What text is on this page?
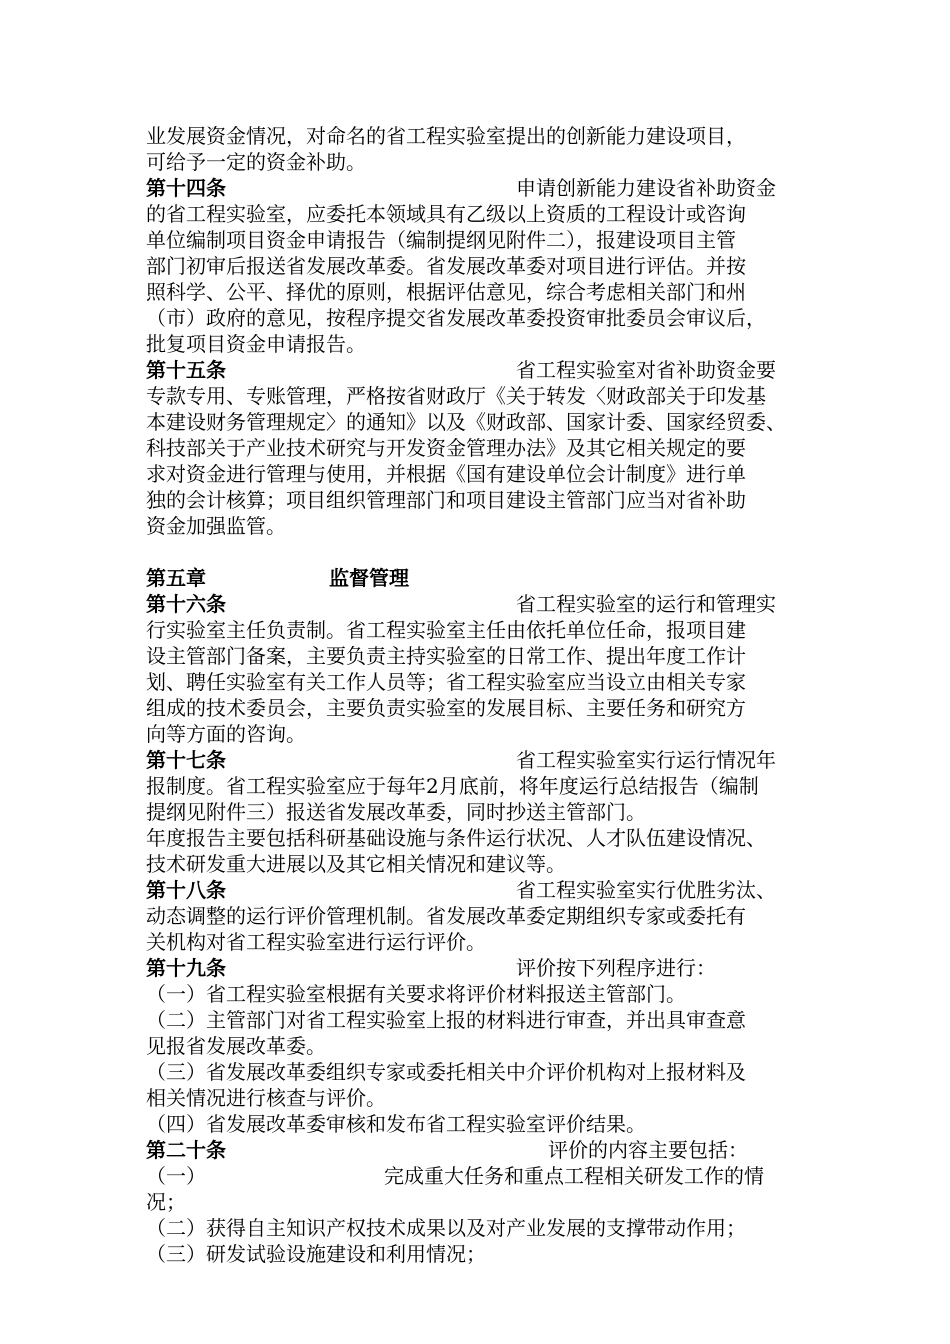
业发展资金情况，对命名的省工程实验室提出的创新能力建设项目，
可给予一定的资金补助。
第十四条	申请创新能力建设省补助资金
的省工程实验室，应委托本领域具有乙级以上资质的工程设计或咨询
单位编制项目资金申请报告（编制提纲见附件二），报建设项目主管
部门初审后报送省发展改革委。省发展改革委对项目进行评估。并按
照科学、公平、择优的原则，根据评估意见，综合考虑相关部门和州
（市）政府的意见，按程序提交省发展改革委投资审批委员会审议后，
批复项目资金申请报告。
第十五条	省工程实验室对省补助资金要
专款专用、专账管理，严格按省财政厅《关于转发〈财政部关于印发基
本建设财务管理规定〉的通知》以及《财政部、国家计委、国家经贸委、
科技部关于产业技术研究与开发资金管理办法》及其它相关规定的要
求对资金进行管理与使用，并根据《国有建设单位会计制度》进行单
独的会计核算；项目组织管理部门和项目建设主管部门应当对省补助
资金加强监管。
第五章	监督管理
第十六条	省工程实验室的运行和管理实
行实验室主任负责制。省工程实验室主任由依托单位任命，报项目建
设主管部门备案，主要负责主持实验室的日常工作、提出年度工作计
划、聘任实验室有关工作人员等；省工程实验室应当设立由相关专家
组成的技术委员会，主要负责实验室的发展目标、主要任务和研究方
向等方面的咨询。
第十七条	省工程实验室实行运行情况年
报制度。省工程实验室应于每年2月底前，将年度运行总结报告（编制
提纲见附件三）报送省发展改革委，同时抄送主管部门。
年度报告主要包括科研基础设施与条件运行状况、人才队伍建设情况、
技术研发重大进展以及其它相关情况和建议等。
第十八条	省工程实验室实行优胜劣汰、
动态调整的运行评价管理机制。省发展改革委定期组织专家或委托有
关机构对省工程实验室进行运行评价。
第十九条	评价按下列程序进行：
（一）省工程实验室根据有关要求将评价材料报送主管部门。
（二）主管部门对省工程实验室上报的材料进行审查，并出具审查意
见报省发展改革委。
（三）省发展改革委组织专家或委托相关中介评价机构对上报材料及
相关情况进行核查与评价。
（四）省发展改革委审核和发布省工程实验室评价结果。
第二十条	评价的内容主要包括：
（一）	完成重大任务和重点工程相关研发工作的情
况；
（二）获得自主知识产权技术成果以及对产业发展的支撑带动作用；
（三）研发试验设施建设和利用情况；
